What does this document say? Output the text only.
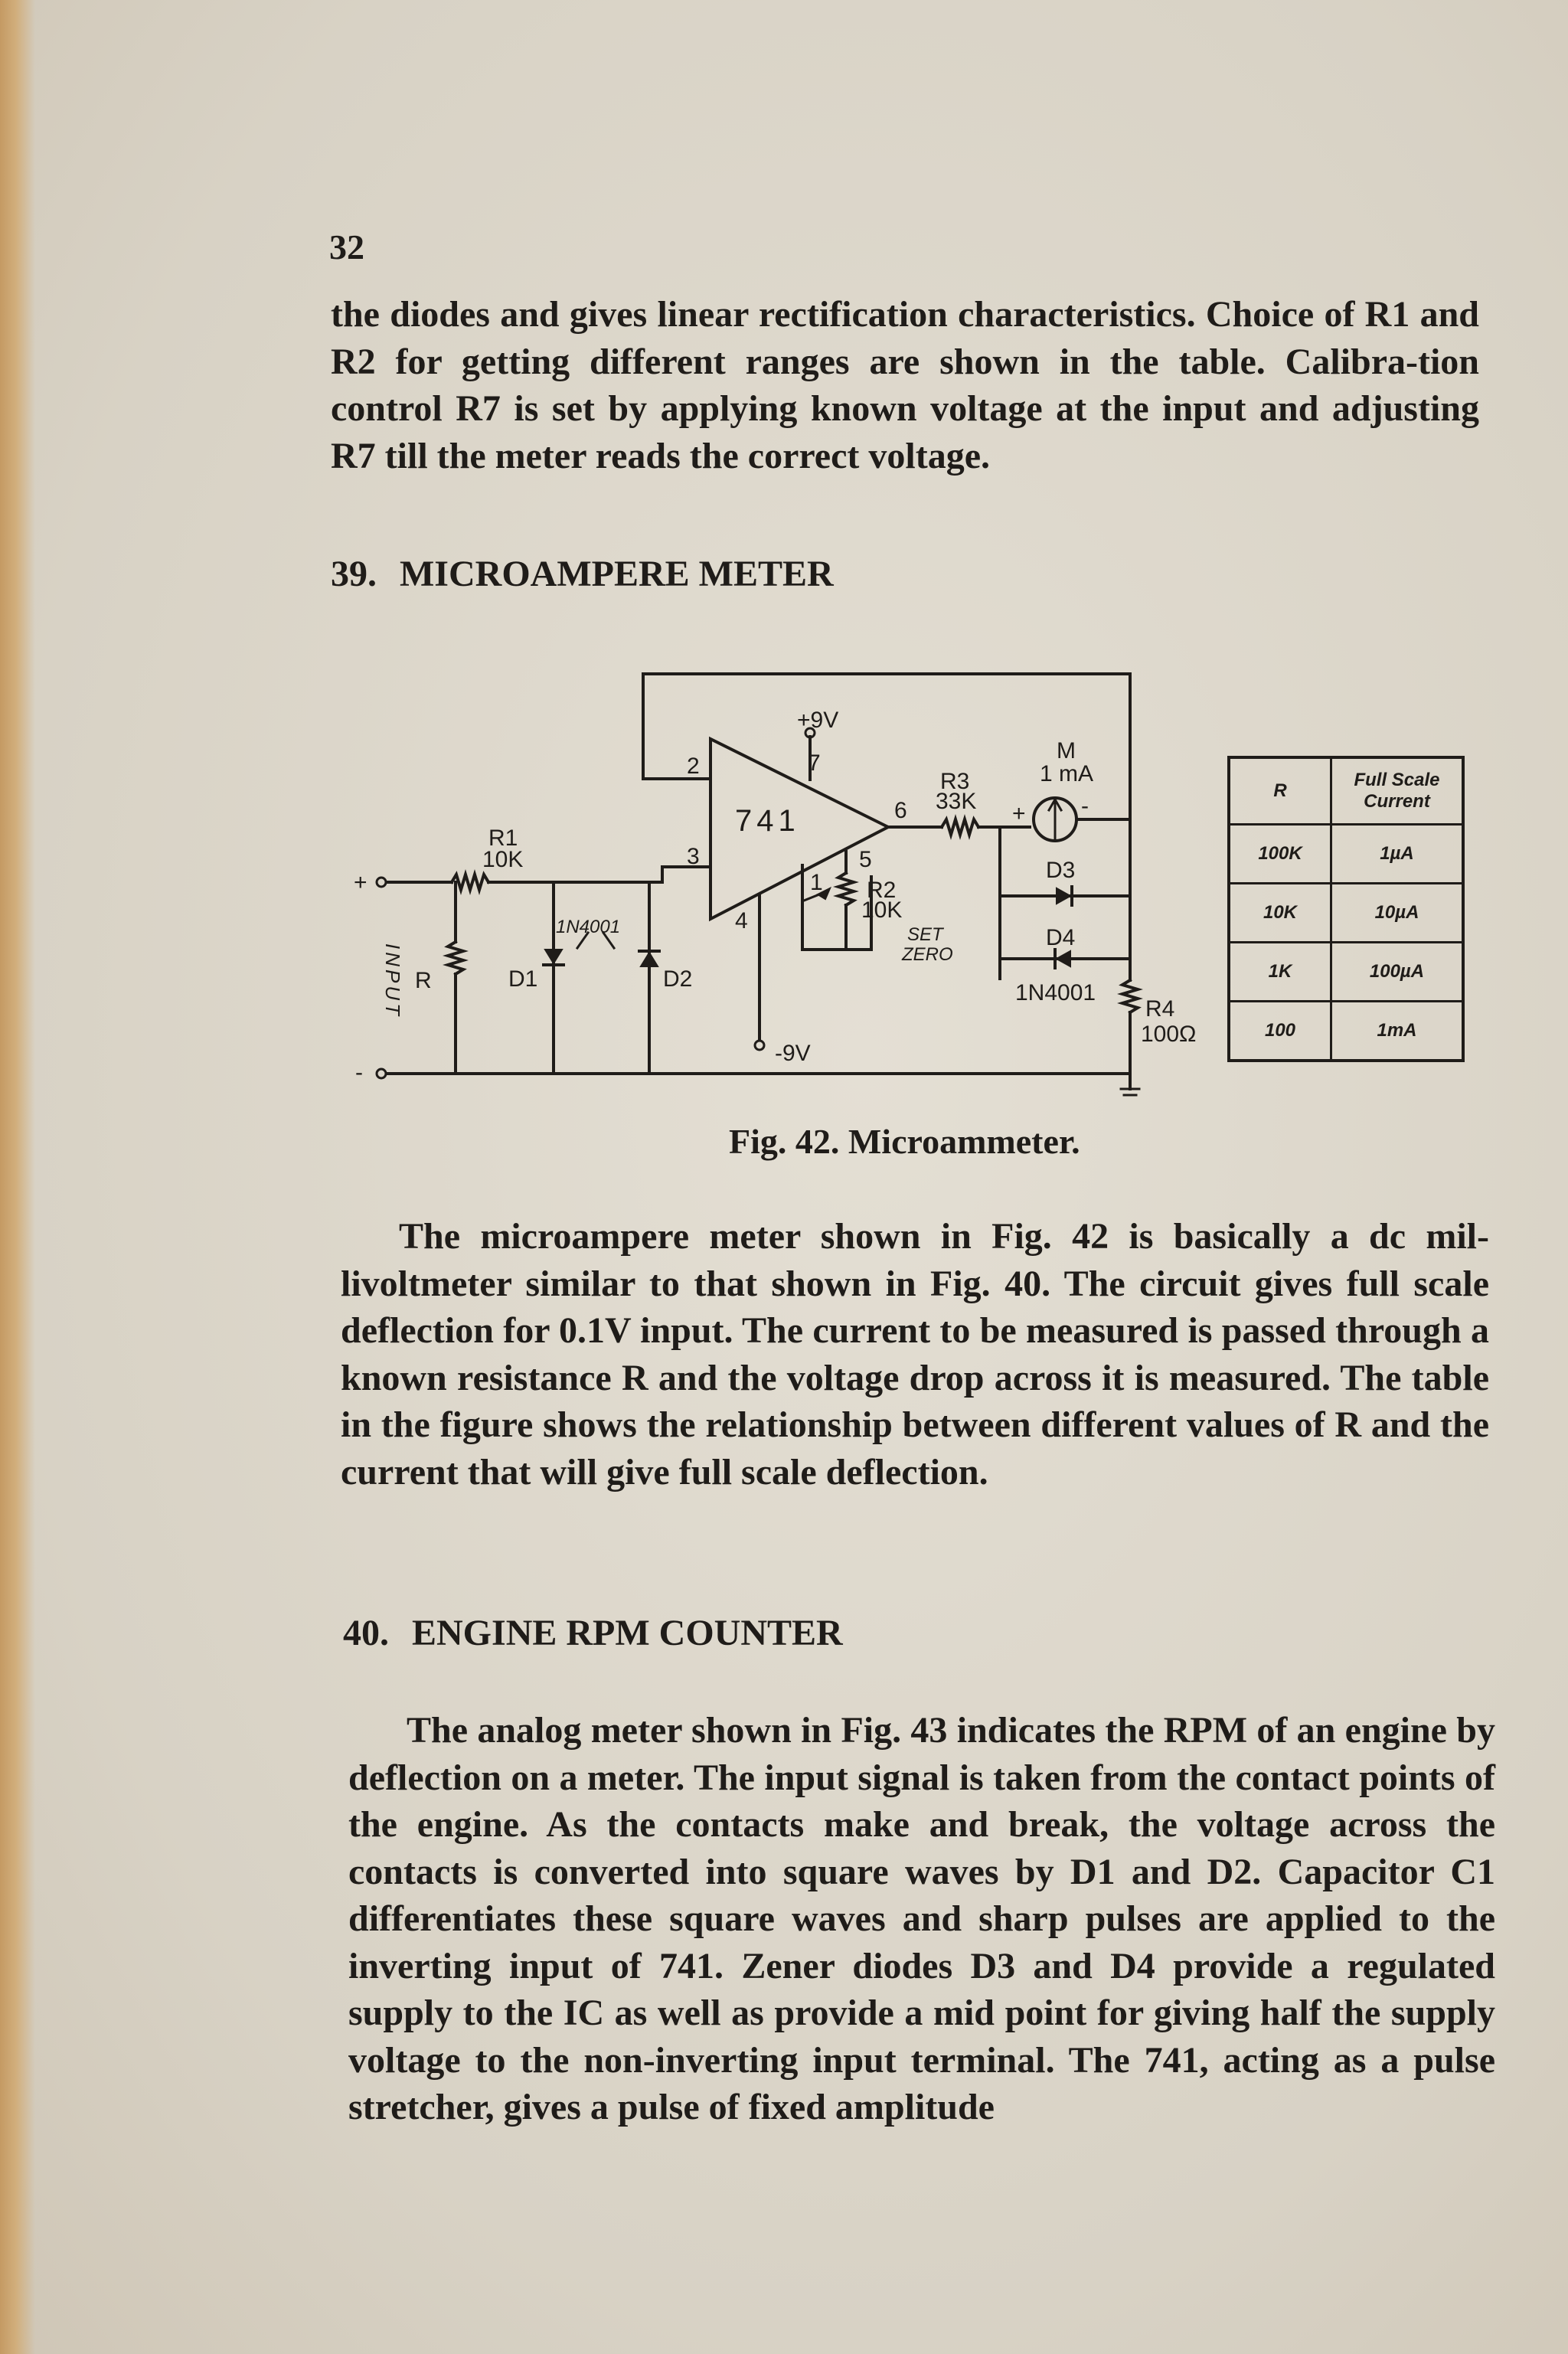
32

the diodes and gives linear rectification characteristics. Choice of R1 and R2 for getting different ranges are shown in the table. Calibra-tion control R7 is set by applying known voltage at the input and adjusting R7 till the meter reads the correct voltage.

39. MICROAMPERE METER
+9V
-9V
741
2
3
4
6
7
1
5
R1
10K
R2
10K
R3
33K
R4
100Ω
R	D1	D2
D3
D4
1N4001
1N4001
M
1 mA
SET
ZERO
INPUT
+
-
+ -
R	Full Scale
Current

100K	1µA
10K	10µA
1K	100µA
100	1mA
Fig. 42. Microammeter.

The microampere meter shown in Fig. 42 is basically a dc mil-livoltmeter similar to that shown in Fig. 40. The circuit gives full scale deflection for 0.1V input. The current to be measured is passed through a known resistance R and the voltage drop across it is measured. The table in the figure shows the relationship between different values of R and the current that will give full scale deflection.

40. ENGINE RPM COUNTER

The analog meter shown in Fig. 43 indicates the RPM of an engine by deflection on a meter. The input signal is taken from the contact points of the engine. As the contacts make and break, the voltage across the contacts is converted into square waves by D1 and D2. Capacitor C1 differentiates these square waves and sharp pulses are applied to the inverting input of 741. Zener diodes D3 and D4 provide a regulated supply to the IC as well as provide a mid point for giving half the supply voltage to the non-inverting input terminal. The 741, acting as a pulse stretcher, gives a pulse of fixed amplitude
